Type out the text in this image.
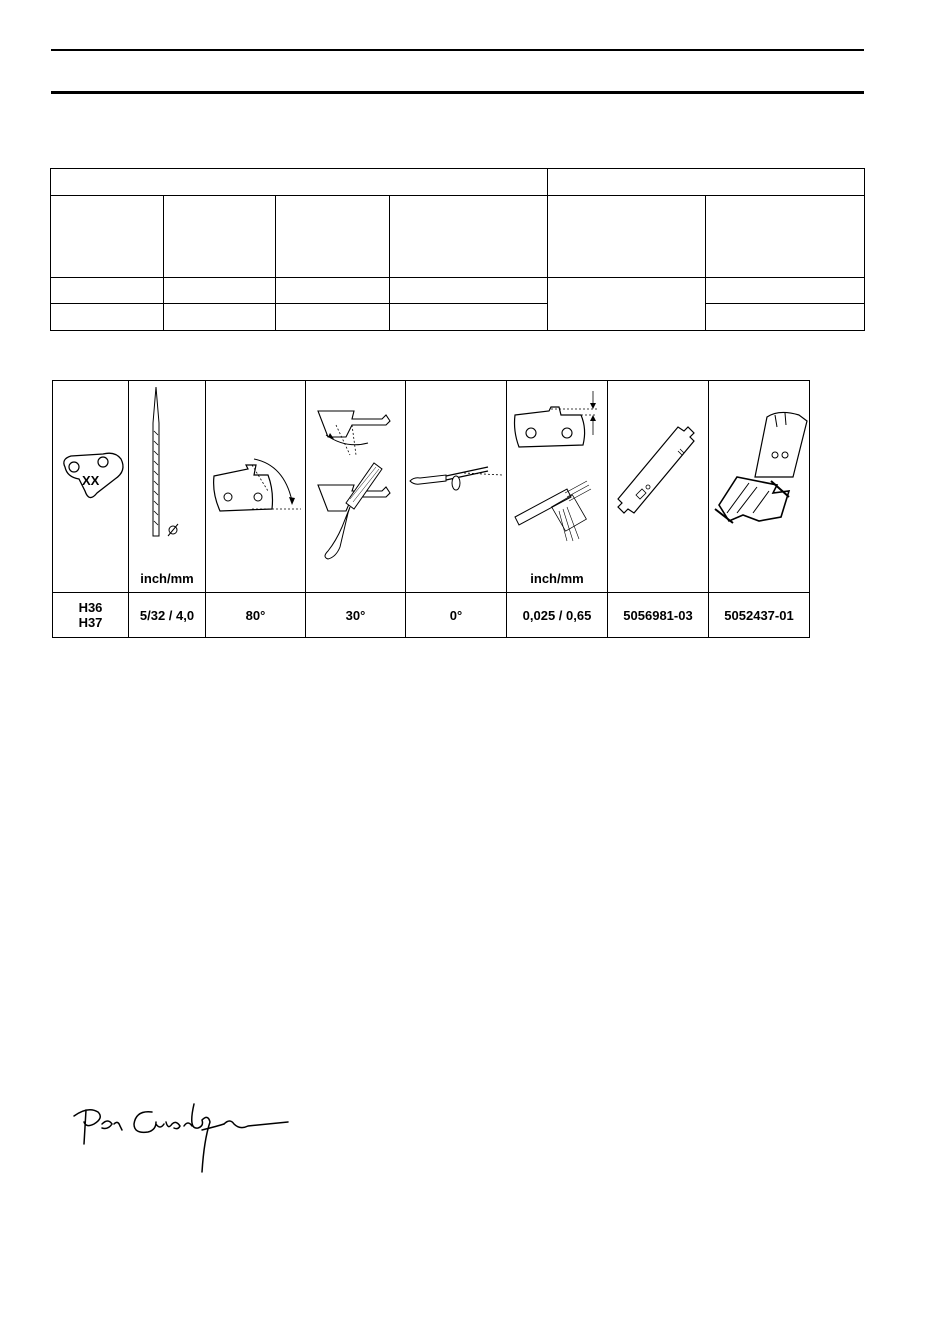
XX	inch/mm				inch/mm

H36
H37	5/32 / 4,0	80°	30°	0°	0,025 / 0,65	5056981-03	5052437-01
